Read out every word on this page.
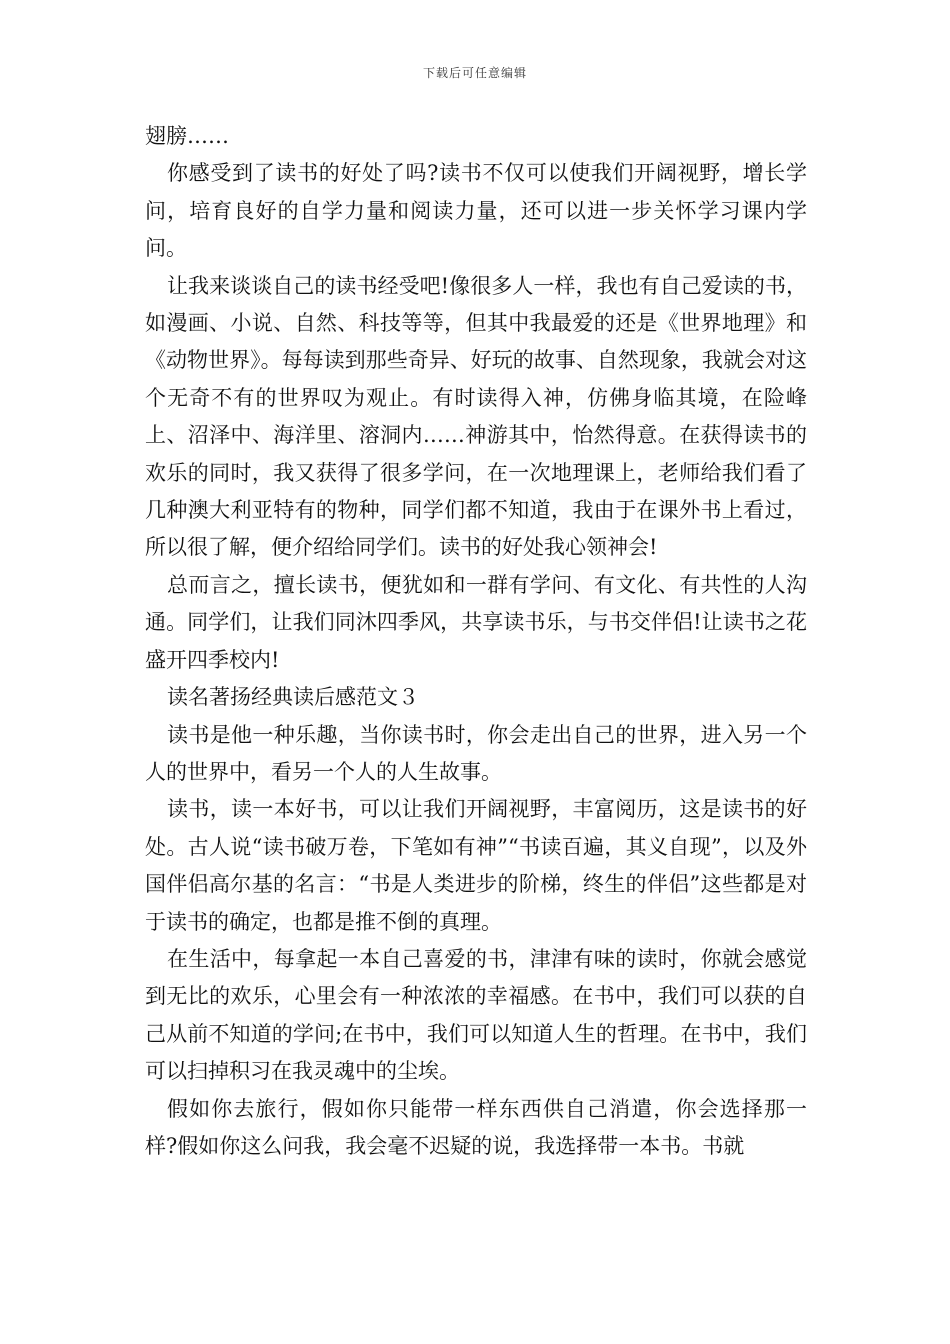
下载后可任意编辑

翅膀……

你感受到了读书的好处了吗?读书不仅可以使我们开阔视野，增长学问，培育良好的自学力量和阅读力量，还可以进一步关怀学习课内学问。

让我来谈谈自己的读书经受吧!像很多人一样，我也有自己爱读的书，如漫画、小说、自然、科技等等，但其中我最爱的还是《世界地理》和《动物世界》。每每读到那些奇异、好玩的故事、自然现象，我就会对这个无奇不有的世界叹为观止。有时读得入神，仿佛身临其境，在险峰上、沼泽中、海洋里、溶洞内……神游其中，怡然得意。在获得读书的欢乐的同时，我又获得了很多学问，在一次地理课上，老师给我们看了几种澳大利亚特有的物种，同学们都不知道，我由于在课外书上看过，所以很了解，便介绍给同学们。读书的好处我心领神会!

总而言之，擅长读书，便犹如和一群有学问、有文化、有共性的人沟通。同学们，让我们同沐四季风，共享读书乐，与书交伴侣!让读书之花盛开四季校内!

读名著扬经典读后感范文３

读书是他一种乐趣，当你读书时，你会走出自己的世界，进入另一个人的世界中，看另一个人的人生故事。

读书，读一本好书，可以让我们开阔视野，丰富阅历，这是读书的好处。古人说“读书破万卷，下笔如有神”“书读百遍，其义自现”，以及外国伴侣高尔基的名言：“书是人类进步的阶梯，终生的伴侣”这些都是对于读书的确定，也都是推不倒的真理。

在生活中，每拿起一本自己喜爱的书，津津有味的读时，你就会感觉到无比的欢乐，心里会有一种浓浓的幸福感。在书中，我们可以获的自己从前不知道的学问;在书中，我们可以知道人生的哲理。在书中，我们可以扫掉积习在我灵魂中的尘埃。

假如你去旅行，假如你只能带一样东西供自己消遣，你会选择那一样?假如你这么问我，我会毫不迟疑的说，我选择带一本书。书就
